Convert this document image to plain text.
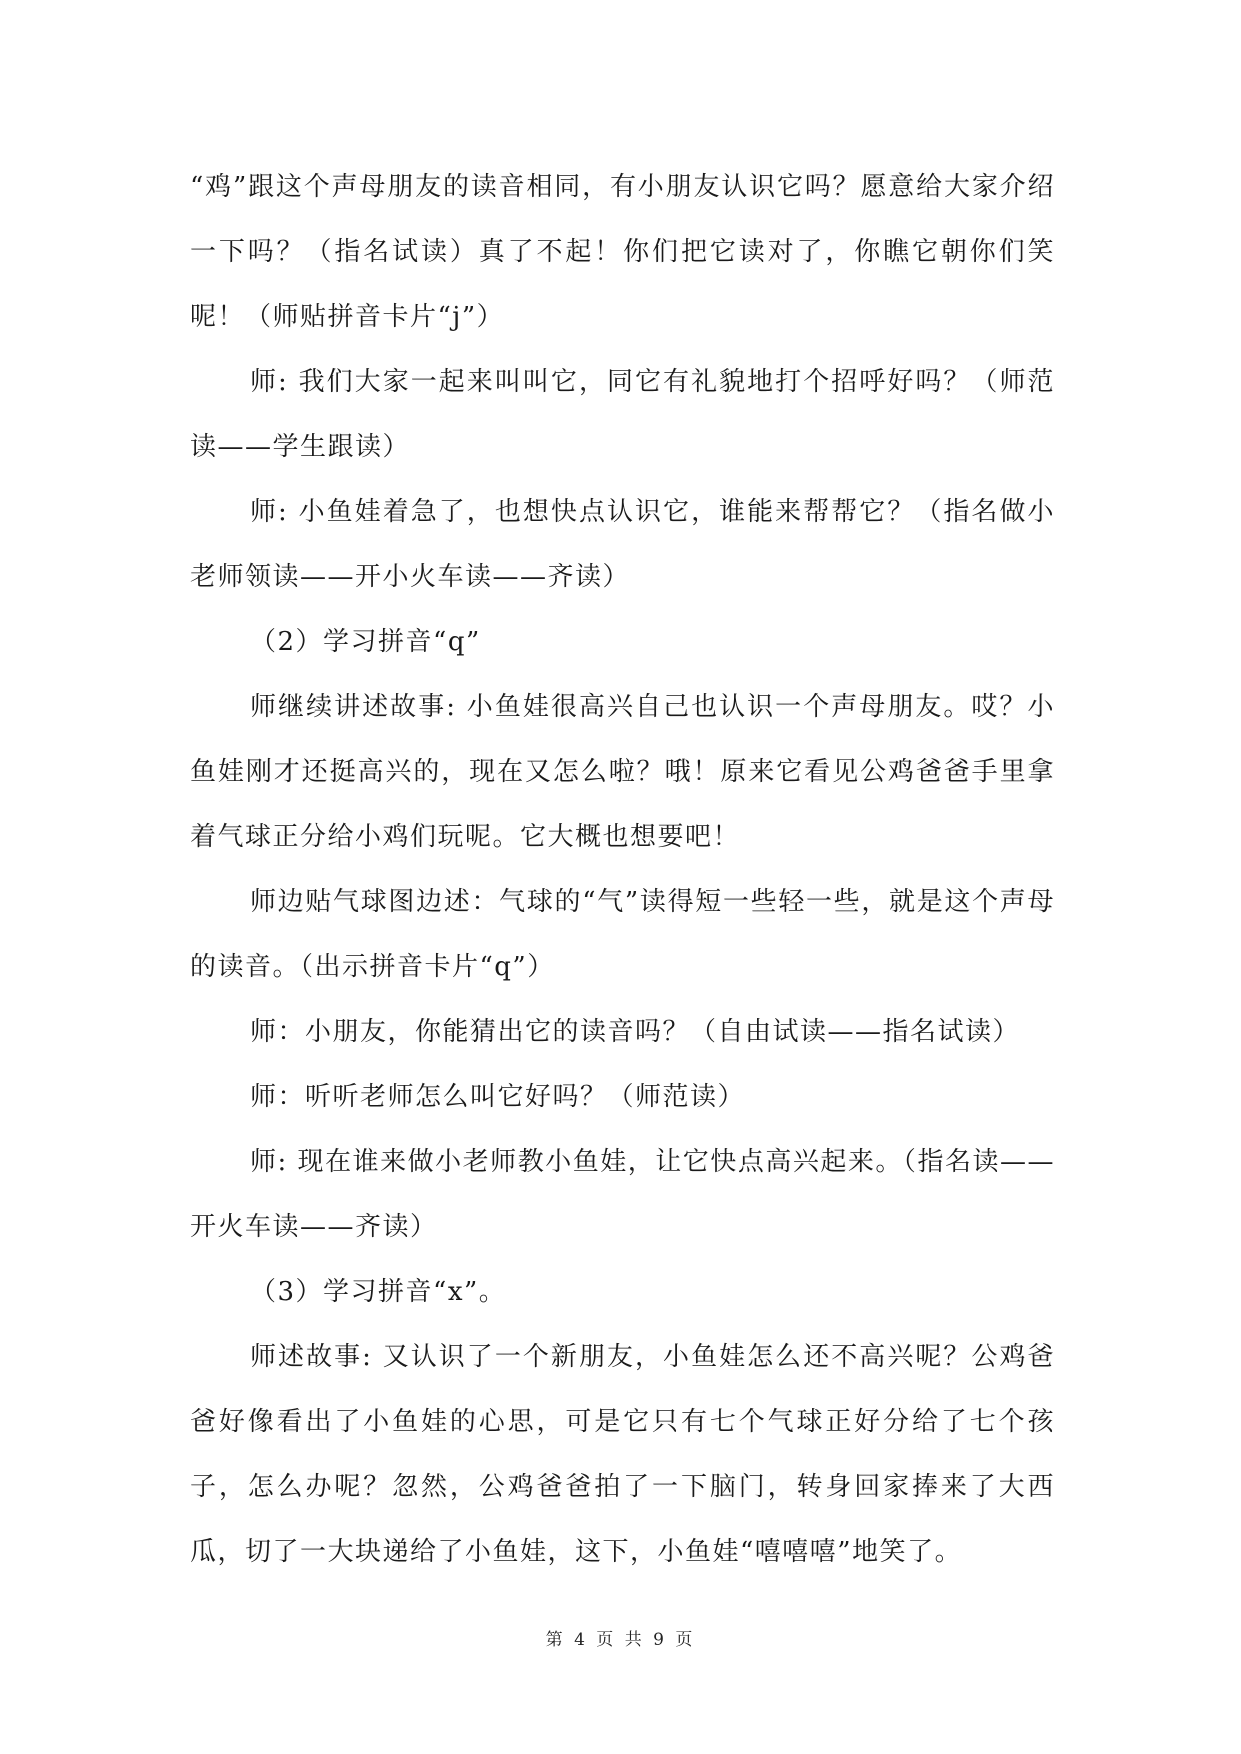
“鸡”跟这个声母朋友的读音相同，有小朋友认识它吗？愿意给大家介绍一下吗？（指名试读）真了不起！你们把它读对了，你瞧它朝你们笑呢！（师贴拼音卡片“j”）

师: 我们大家一起来叫叫它，同它有礼貌地打个招呼好吗？（师范读——学生跟读）

师: 小鱼娃着急了，也想快点认识它，谁能来帮帮它？（指名做小老师领读——开小火车读——齐读）

（2）学习拼音“q”

师继续讲述故事: 小鱼娃很高兴自己也认识一个声母朋友。哎？小鱼娃刚才还挺高兴的，现在又怎么啦？哦！原来它看见公鸡爸爸手里拿着气球正分给小鸡们玩呢。它大概也想要吧！

师边贴气球图边述：气球的“气”读得短一些轻一些，就是这个声母的读音。（出示拼音卡片“q”）

师：小朋友，你能猜出它的读音吗？（自由试读——指名试读）

师：听听老师怎么叫它好吗？（师范读）

师: 现在谁来做小老师教小鱼娃，让它快点高兴起来。（指名读——开火车读——齐读）

（3）学习拼音“x”。

师述故事: 又认识了一个新朋友，小鱼娃怎么还不高兴呢？公鸡爸爸好像看出了小鱼娃的心思，可是它只有七个气球正好分给了七个孩子，怎么办呢？忽然，公鸡爸爸拍了一下脑门，转身回家捧来了大西瓜，切了一大块递给了小鱼娃，这下，小鱼娃“嘻嘻嘻”地笑了。

第 4 页 共 9 页
